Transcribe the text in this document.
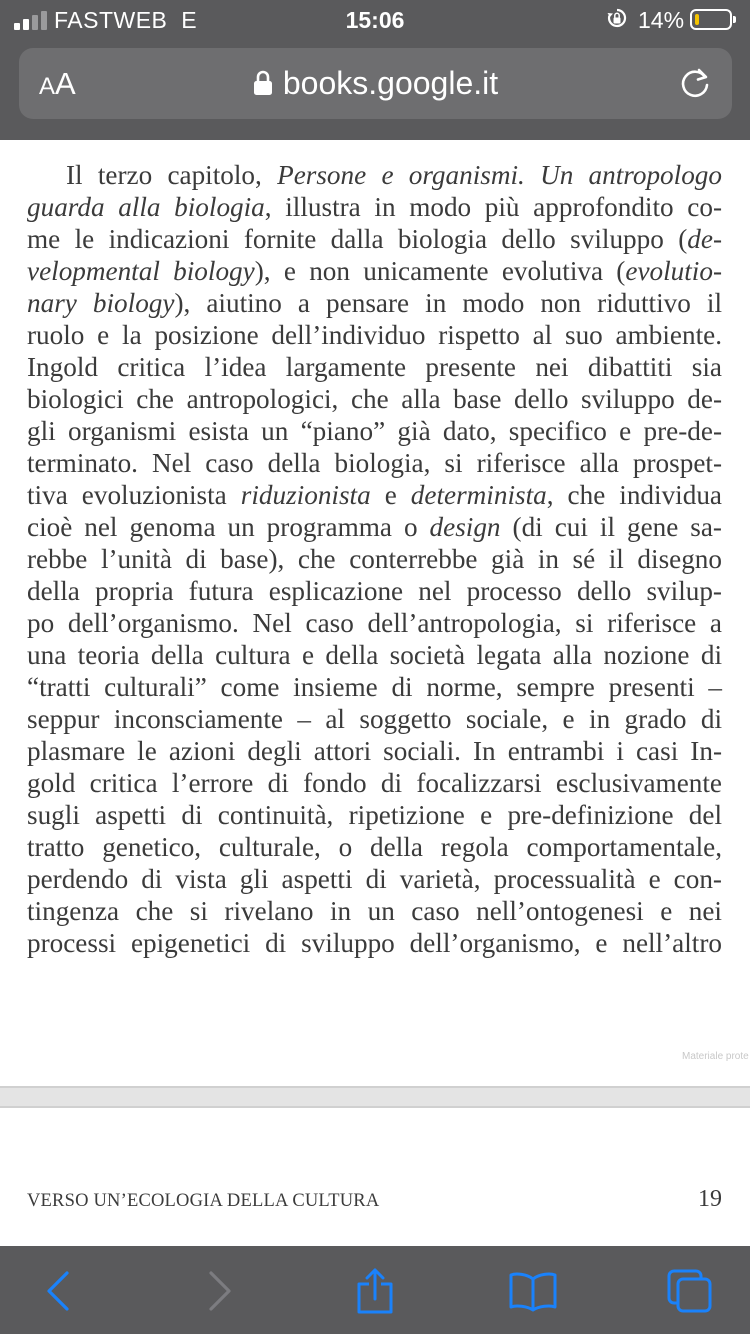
FASTWEB E	15:06	14%
AA	books.google.it
Il terzo capitolo, Persone e organismi. Un antropologo
guarda alla biologia, illustra in modo più approfondito co-
me le indicazioni fornite dalla biologia dello sviluppo (de-
velopmental biology), e non unicamente evolutiva (evolutio-
nary biology), aiutino a pensare in modo non riduttivo il
ruolo e la posizione dell’individuo rispetto al suo ambiente.
Ingold critica l’idea largamente presente nei dibattiti sia
biologici che antropologici, che alla base dello sviluppo de-
gli organismi esista un “piano” già dato, specifico e pre-de-
terminato. Nel caso della biologia, si riferisce alla prospet-
tiva evoluzionista riduzionista e determinista, che individua
cioè nel genoma un programma o design (di cui il gene sa-
rebbe l’unità di base), che conterrebbe già in sé il disegno
della propria futura esplicazione nel processo dello svilup-
po dell’organismo. Nel caso dell’antropologia, si riferisce a
una teoria della cultura e della società legata alla nozione di
“tratti culturali” come insieme di norme, sempre presenti –
seppur inconsciamente – al soggetto sociale, e in grado di
plasmare le azioni degli attori sociali. In entrambi i casi In-
gold critica l’errore di fondo di focalizzarsi esclusivamente
sugli aspetti di continuità, ripetizione e pre-definizione del
tratto genetico, culturale, o della regola comportamentale,
perdendo di vista gli aspetti di varietà, processualità e con-
tingenza che si rivelano in un caso nell’ontogenesi e nei
processi epigenetici di sviluppo dell’organismo, e nell’altro
Materiale prote
VERSO UN’ECOLOGIA DELLA CULTURA	19
